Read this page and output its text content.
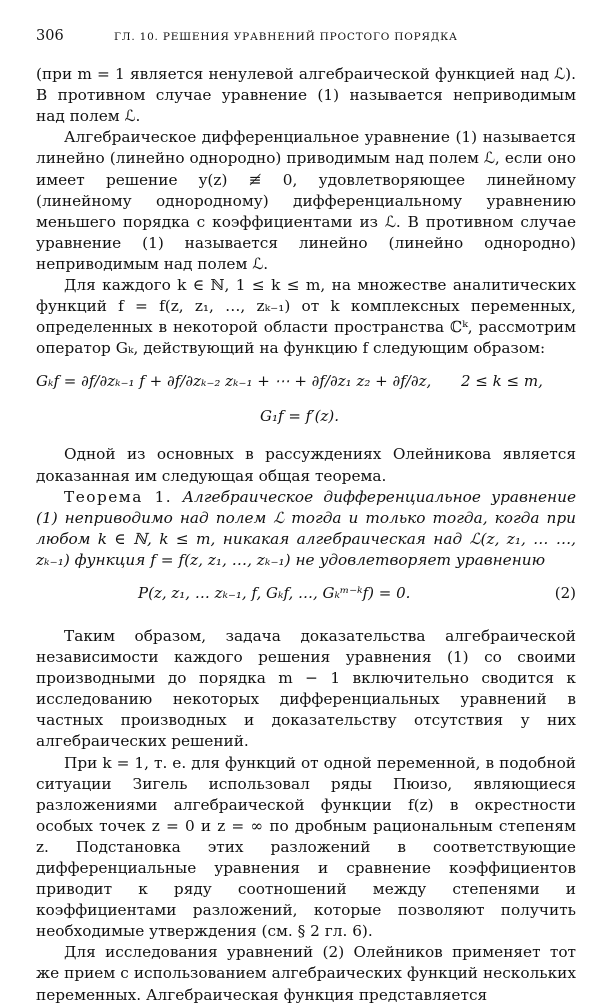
306	ГЛ. 10. РЕШЕНИЯ УРАВНЕНИЙ ПРОСТОГО ПОРЯДКА

(при m = 1 является ненулевой алгебраической функцией над ℒ). В противном случае уравнение (1) называется неприводимым над полем ℒ.

Алгебраическое дифференциальное уравнение (1) называется линейно (линейно однородно) приводимым над полем ℒ, если оно имеет решение y(z) ≢ 0, удовлетворяющее линейному (линейному однородному) дифференциальному уравнению меньшего порядка с коэффициентами из ℒ. В противном случае уравнение (1) называется линейно (линейно однородно) неприводимым над полем ℒ.

Для каждого k ∈ ℕ, 1 ≤ k ≤ m, на множестве аналитических функций f = f(z, z₁, …, zₖ₋₁) от k комплексных переменных, определенных в некоторой области пространства ℂᵏ, рассмотрим оператор Gₖ, действующий на функцию f следующим образом:

Gₖf = ∂f/∂zₖ₋₁ f + ∂f/∂zₖ₋₂ zₖ₋₁ + ⋯ + ∂f/∂z₁ z₂ + ∂f/∂z, 2 ≤ k ≤ m,
G₁f = f′(z).

Одной из основных в рассуждениях Олейникова является доказанная им следующая общая теорема.

Теорема 1. Алгебраическое дифференциальное уравнение (1) неприводимо над полем ℒ тогда и только тогда, когда при любом k ∈ ℕ, k ≤ m, никакая алгебраическая над ℒ(z, z₁, … …, zₖ₋₁) функция f = f(z, z₁, …, zₖ₋₁) не удовлетворяет уравнению

P(z, z₁, … zₖ₋₁, f, Gₖf, …, Gₖᵐ⁻ᵏf) = 0.	(2)

Таким образом, задача доказательства алгебраической независимости каждого решения уравнения (1) со своими производными до порядка m − 1 включительно сводится к исследованию некоторых дифференциальных уравнений в частных производных и доказательству отсутствия у них алгебраических решений.

При k = 1, т. е. для функций от одной переменной, в подобной ситуации Зигель использовал ряды Пюизо, являющиеся разложениями алгебраической функции f(z) в окрестности особых точек z = 0 и z = ∞ по дробным рациональным степеням z. Подстановка этих разложений в соответствующие дифференциальные уравнения и сравнение коэффициентов приводит к ряду соотношений между степенями и коэффициентами разложений, которые позволяют получить необходимые утверждения (см. § 2 гл. 6).

Для исследования уравнений (2) Олейников применяет тот же прием с использованием алгебраических функций нескольких переменных. Алгебраическая функция представляется
